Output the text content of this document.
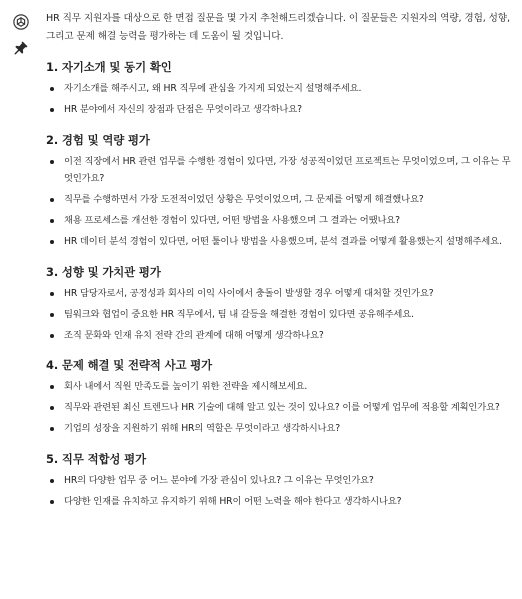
HR 직무 지원자를 대상으로 한 면접 질문을 몇 가지 추천해드리겠습니다. 이 질문들은 지원자의 역량, 경험, 성향, 그리고 문제 해결 능력을 평가하는 데 도움이 될 것입니다.

1. 자기소개 및 동기 확인
자기소개를 해주시고, 왜 HR 직무에 관심을 가지게 되었는지 설명해주세요.
HR 분야에서 자신의 장점과 단점은 무엇이라고 생각하나요?
2. 경험 및 역량 평가
이전 직장에서 HR 관련 업무를 수행한 경험이 있다면, 가장 성공적이었던 프로젝트는 무엇이었으며, 그 이유는 무엇인가요?
직무를 수행하면서 가장 도전적이었던 상황은 무엇이었으며, 그 문제를 어떻게 해결했나요?
채용 프로세스를 개선한 경험이 있다면, 어떤 방법을 사용했으며 그 결과는 어땠나요?
HR 데이터 분석 경험이 있다면, 어떤 툴이나 방법을 사용했으며, 분석 결과를 어떻게 활용했는지 설명해주세요.
3. 성향 및 가치관 평가
HR 담당자로서, 공정성과 회사의 이익 사이에서 충돌이 발생할 경우 어떻게 대처할 것인가요?
팀워크와 협업이 중요한 HR 직무에서, 팀 내 갈등을 해결한 경험이 있다면 공유해주세요.
조직 문화와 인재 유치 전략 간의 관계에 대해 어떻게 생각하나요?
4. 문제 해결 및 전략적 사고 평가
회사 내에서 직원 만족도를 높이기 위한 전략을 제시해보세요.
직무와 관련된 최신 트렌드나 HR 기술에 대해 알고 있는 것이 있나요? 이를 어떻게 업무에 적용할 계획인가요?
기업의 성장을 지원하기 위해 HR의 역할은 무엇이라고 생각하시나요?
5. 직무 적합성 평가
HR의 다양한 업무 중 어느 분야에 가장 관심이 있나요? 그 이유는 무엇인가요?
다양한 인재를 유치하고 유지하기 위해 HR이 어떤 노력을 해야 한다고 생각하시나요?
